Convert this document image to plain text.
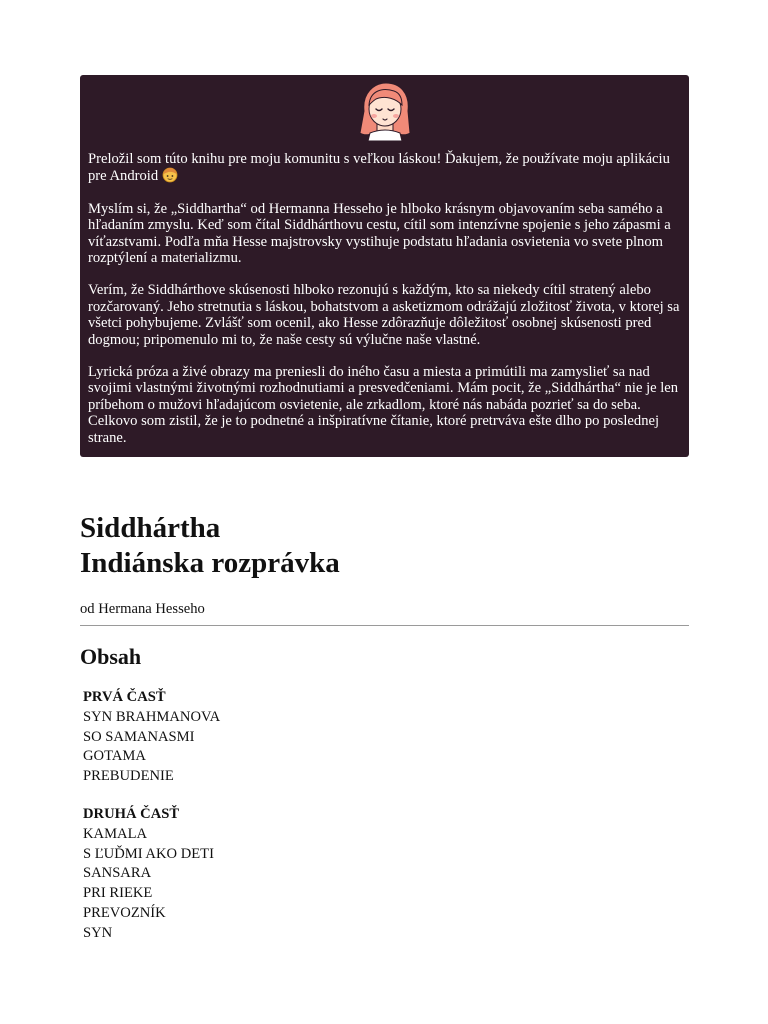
Preložil som túto knihu pre moju komunitu s veľkou láskou! Ďakujem, že používate moju aplikáciu pre Android

Myslím si, že „Siddhartha“ od Hermanna Hesseho je hlboko krásnym objavovaním seba samého a hľadaním zmyslu. Keď som čítal Siddhárthovu cestu, cítil som intenzívne spojenie s jeho zápasmi a víťazstvami. Podľa mňa Hesse majstrovsky vystihuje podstatu hľadania osvietenia vo svete plnom rozptýlení a materializmu.

Verím, že Siddhárthove skúsenosti hlboko rezonujú s každým, kto sa niekedy cítil stratený alebo rozčarovaný. Jeho stretnutia s láskou, bohatstvom a asketizmom odrážajú zložitosť života, v ktorej sa všetci pohybujeme. Zvlášť som ocenil, ako Hesse zdôrazňuje dôležitosť osobnej skúsenosti pred dogmou; pripomenulo mi to, že naše cesty sú výlučne naše vlastné.

Lyrická próza a živé obrazy ma preniesli do iného času a miesta a primútili ma zamyslieť sa nad svojimi vlastnými životnými rozhodnutiami a presvedčeniami. Mám pocit, že „Siddhártha“ nie je len príbehom o mužovi hľadajúcom osvietenie, ale zrkadlom, ktoré nás nabáda pozrieť sa do seba. Celkovo som zistil, že je to podnetné a inšpiratívne čítanie, ktoré pretrváva ešte dlho po poslednej strane.

Siddhártha
Indiánska rozprávka

od Hermana Hesseho

Obsah
PRVÁ ČASŤ
SYN BRAHMANOVA
SO SAMANASMI
GOTAMA
PREBUDENIE
DRUHÁ ČASŤ
KAMALA
S ĽUĎMI AKO DETI
SANSARA
PRI RIEKE
PREVOZNÍK
SYN
